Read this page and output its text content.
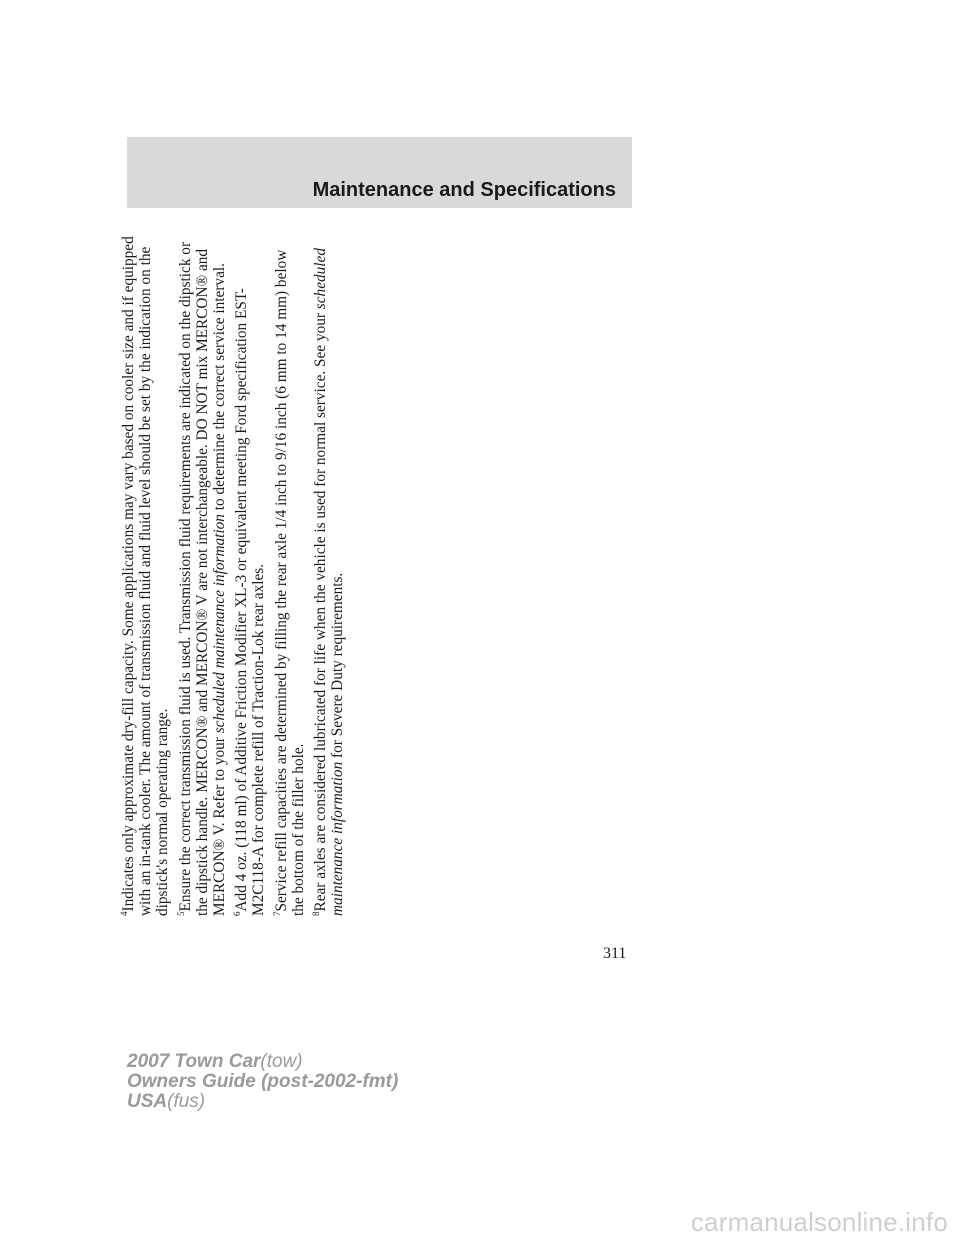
Maintenance and Specifications

$^4$Indicates only approximate dry-fill capacity. Some applications may vary based on cooler size and if equipped with an in-tank cooler. The amount of transmission fluid and fluid level should be set by the indication on the dipstick's normal operating range. $^5$Ensure the correct transmission fluid is used. Transmission fluid requirements are indicated on the dipstick or the dipstick handle. MERCON® and MERCON® V are not interchangeable. DO NOT mix MERCON® and MERCON® V. Refer to your scheduled maintenance information to determine the correct service interval.

$^6$Add 4 oz. (118 ml) of Additive Friction Modifier XL-3 or equivalent meeting Ford specification EST-M2C118-A for complete refill of Traction-Lok rear axles. $^7$Service refill capacities are determined by filling the rear axle 1/4 inch to 9/16 inch (6 mm to 14 mm) below the bottom of the filler hole. $^8$Rear axles are considered lubricated for life when the vehicle is used for normal service. See your scheduled maintenance information for Severe Duty requirements.

311
2007 Town Car(tow)
Owners Guide (post-2002-fmt)
USA(fus)
carmanualsonline.info
